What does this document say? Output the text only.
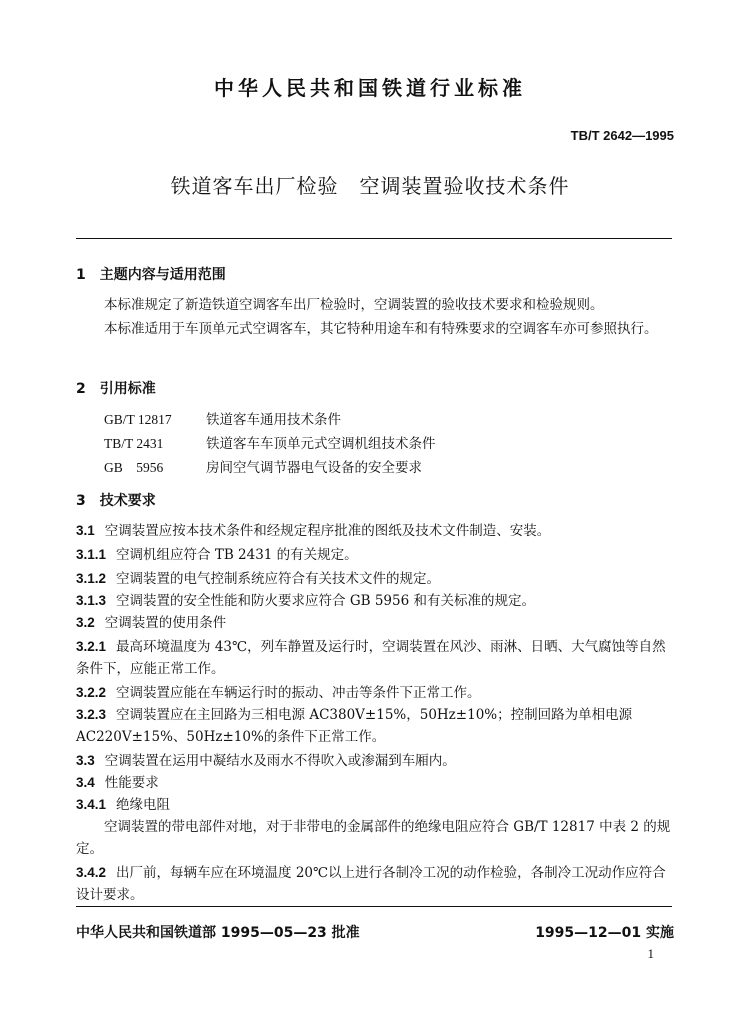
中华人民共和国铁道行业标准
TB/T 2642—1995
铁道客车出厂检验　空调装置验收技术条件
1　主题内容与适用范围
本标准规定了新造铁道空调客车出厂检验时，空调装置的验收技术要求和检验规则。
本标准适用于车顶单元式空调客车，其它特种用途车和有特殊要求的空调客车亦可参照执行。
2　引用标准
GB/T 12817	铁道客车通用技术条件
TB/T 2431	铁道客车车顶单元式空调机组技术条件
GB　5956	房间空气调节器电气设备的安全要求
3　技术要求
3.1 空调装置应按本技术条件和经规定程序批准的图纸及技术文件制造、安装。
3.1.1 空调机组应符合 TB 2431 的有关规定。
3.1.2 空调装置的电气控制系统应符合有关技术文件的规定。
3.1.3 空调装置的安全性能和防火要求应符合 GB 5956 和有关标准的规定。
3.2 空调装置的使用条件
3.2.1 最高环境温度为 43℃，列车静置及运行时，空调装置在风沙、雨淋、日晒、大气腐蚀等自然条件下，应能正常工作。
3.2.2 空调装置应能在车辆运行时的振动、冲击等条件下正常工作。
3.2.3 空调装置应在主回路为三相电源 AC380V±15%，50Hz±10%；控制回路为单相电源 AC220V±15%、50Hz±10%的条件下正常工作。
3.3 空调装置在运用中凝结水及雨水不得吹入或渗漏到车厢内。
3.4 性能要求
3.4.1 绝缘电阻
空调装置的带电部件对地，对于非带电的金属部件的绝缘电阻应符合 GB/T 12817 中表 2 的规定。
3.4.2 出厂前，每辆车应在环境温度 20℃以上进行各制冷工况的动作检验，各制冷工况动作应符合设计要求。
中华人民共和国铁道部 1995—05—23 批准	1995—12—01 实施
1
